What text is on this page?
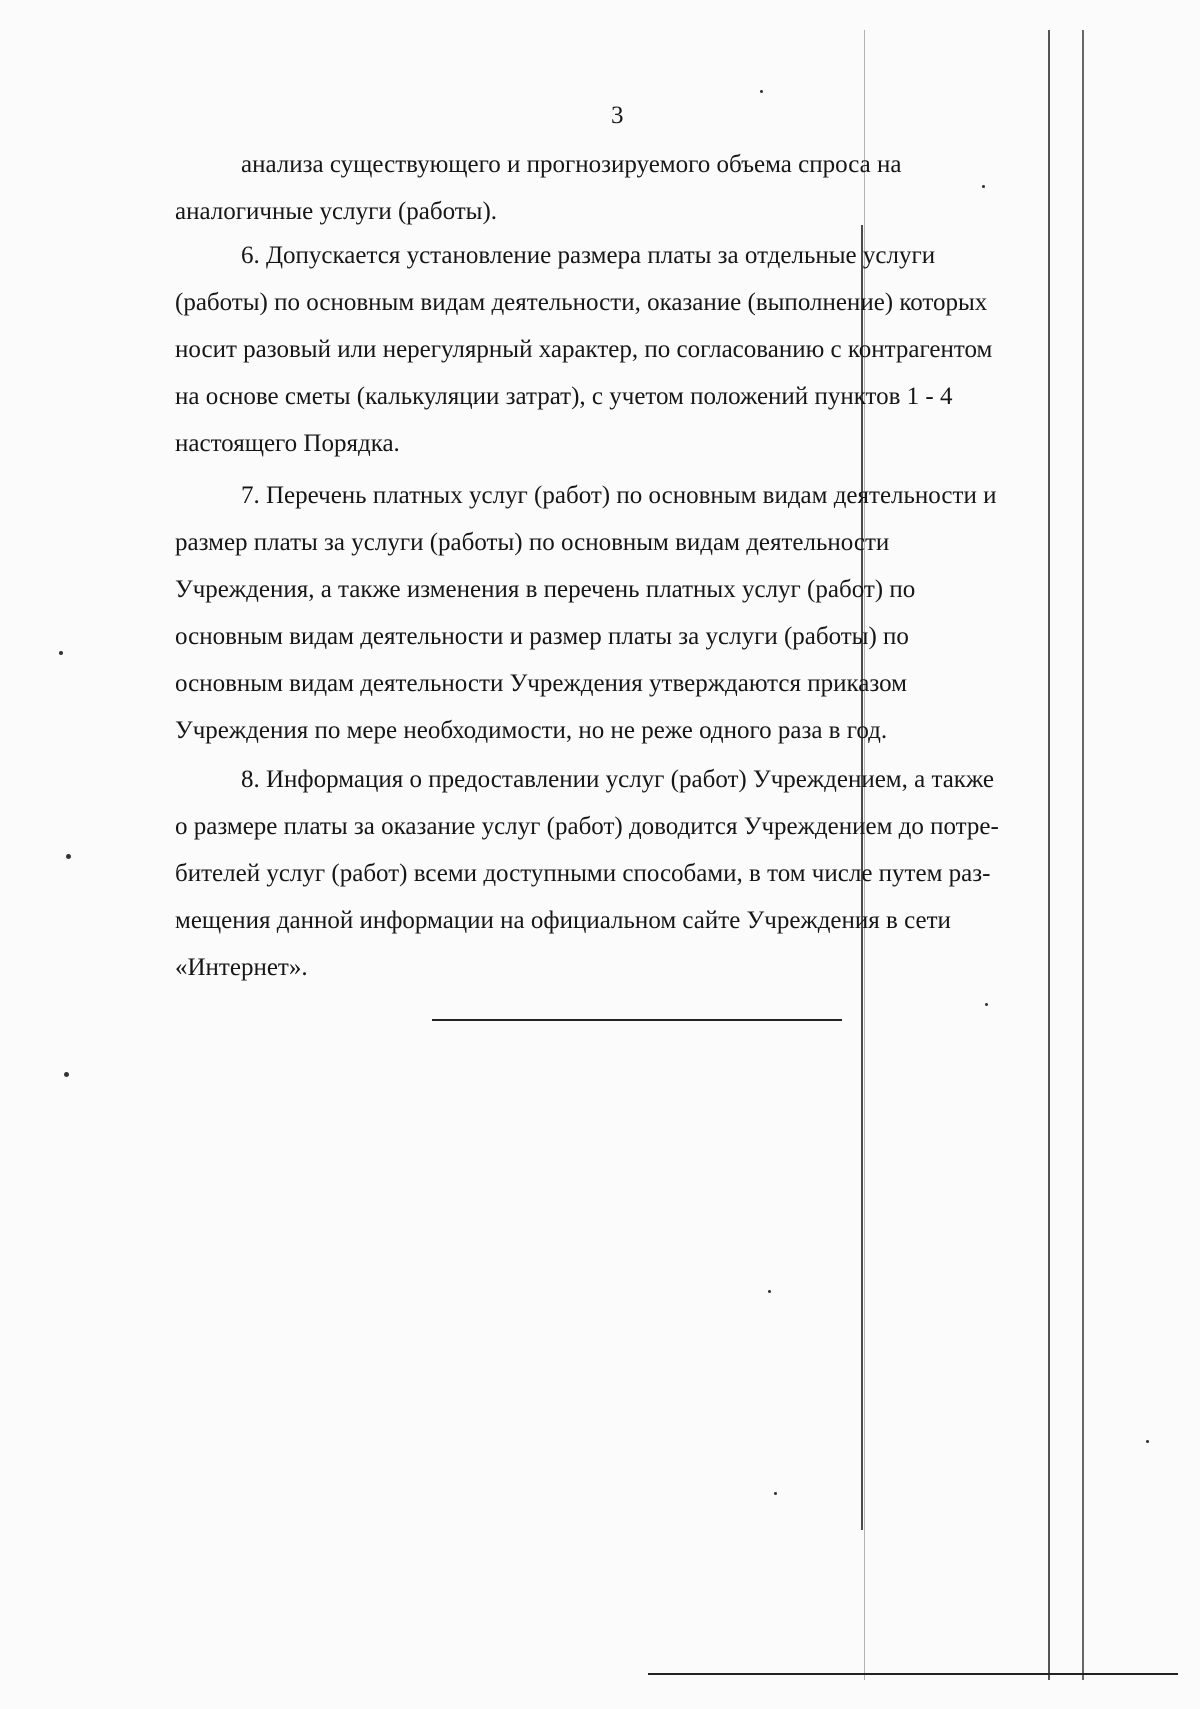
3

анализа существующего и прогнозируемого объема спроса на

аналогичные услуги (работы).

6. Допускается установление размера платы за отдельные услуги

(работы) по основным видам деятельности, оказание (выполнение) которых

носит разовый или нерегулярный характер, по согласованию с контрагентом

на основе сметы (калькуляции затрат), с учетом положений пунктов 1 - 4

настоящего Порядка.

7. Перечень платных услуг (работ) по основным видам деятельности и

размер платы за услуги (работы) по основным видам деятельности

Учреждения, а также изменения в перечень платных услуг (работ) по

основным видам деятельности и размер платы за услуги (работы) по

основным видам деятельности Учреждения утверждаются приказом

Учреждения по мере необходимости, но не реже одного раза в год.

8. Информация о предоставлении услуг (работ) Учреждением, а также

о размере платы за оказание услуг (работ) доводится Учреждением до потре-

бителей услуг (работ) всеми доступными способами, в том числе путем раз-

мещения данной информации на официальном сайте Учреждения в сети

«Интернет».
